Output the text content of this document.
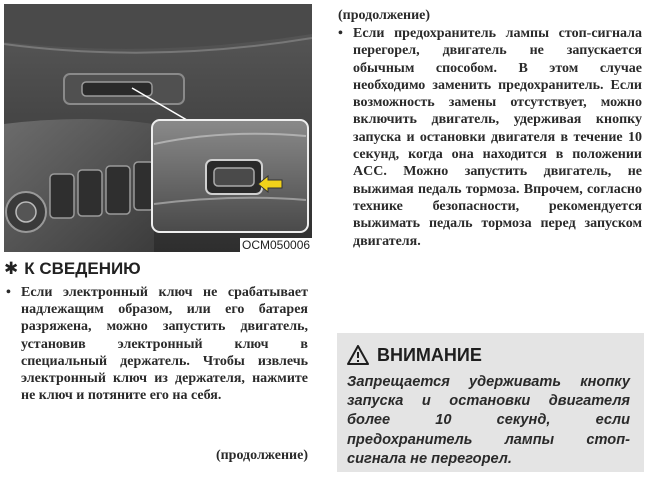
OCM050006
✱ К СВЕДЕНИЮ
• Если электронный ключ не срабатывает надлежащим образом, или его батарея разряжена, можно запустить двигатель, установив электронный ключ в специальный держатель. Чтобы извлечь электронный ключ из держателя, нажмите не ключ и потяните его на себя.
(продолжение)
(продолжение)
• Если предохранитель лампы стоп-сигнала перегорел, двигатель не запускается обычным способом. В этом случае необходимо заменить предохранитель. Если возможность замены отсутствует, можно включить двигатель, удерживая кнопку запуска и остановки двигателя в течение 10 секунд, когда она находится в положении ACC. Можно запустить двигатель, не выжимая педаль тормоза. Впрочем, согласно технике безопасности, рекомендуется выжимать педаль тормоза перед запуском двигателя.
ВНИМАНИЕ
Запрещается удерживать кнопку запуска и остановки двигателя более 10 секунд, если предохранитель лампы стоп-сигнала не перегорел.
